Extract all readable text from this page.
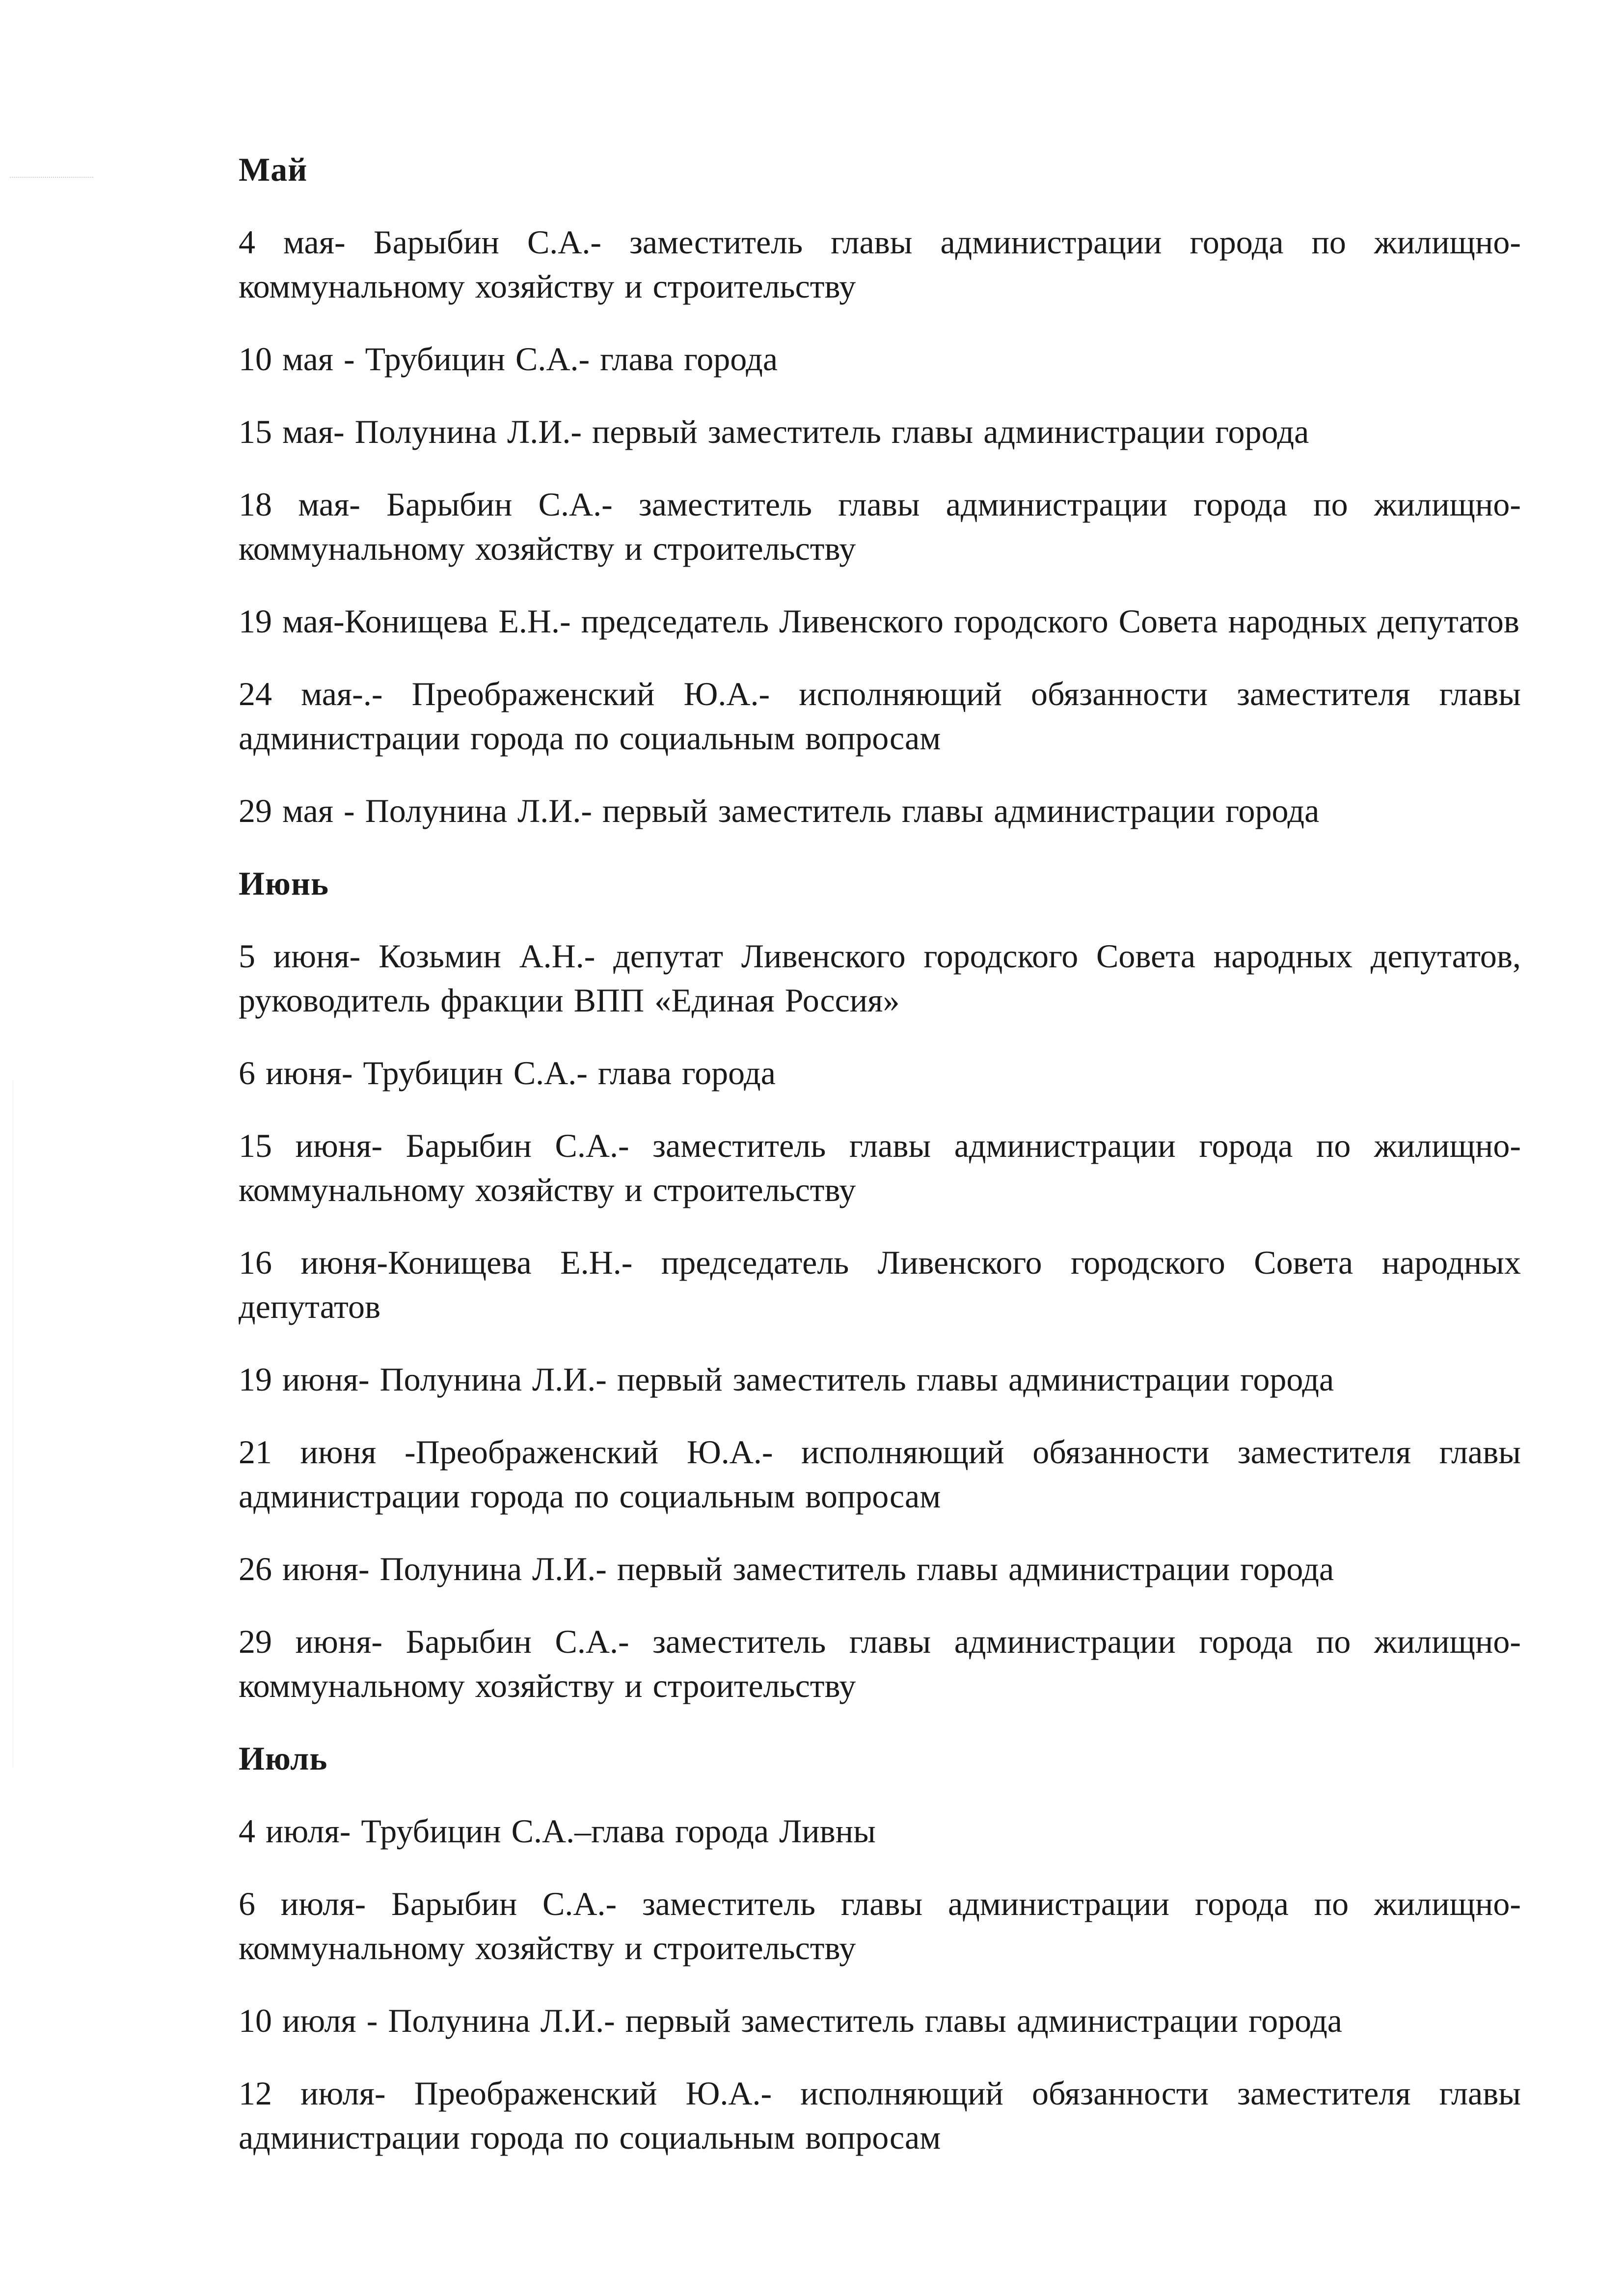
Май

4 мая- Барыбин С.А.- заместитель главы администрации города по жилищно-коммунальному хозяйству и строительству

10 мая - Трубицин С.А.- глава города

15 мая- Полунина Л.И.- первый заместитель главы администрации города

18 мая- Барыбин С.А.- заместитель главы администрации города по жилищно-коммунальному хозяйству и строительству

19 мая-Конищева Е.Н.- председатель Ливенского городского Совета народных депутатов

24 мая-.- Преображенский Ю.А.- исполняющий обязанности заместителя главы администрации города по социальным вопросам

29 мая - Полунина Л.И.- первый заместитель главы администрации города

Июнь

5 июня- Козьмин А.Н.- депутат Ливенского городского Совета народных депутатов, руководитель фракции ВПП «Единая Россия»

6 июня- Трубицин С.А.- глава города

15 июня- Барыбин С.А.- заместитель главы администрации города по жилищно-коммунальному хозяйству и строительству

16 июня-Конищева Е.Н.- председатель Ливенского городского Совета народных депутатов

19 июня- Полунина Л.И.- первый заместитель главы администрации города

21 июня -Преображенский Ю.А.- исполняющий обязанности заместителя главы администрации города по социальным вопросам

26 июня- Полунина Л.И.- первый заместитель главы администрации города

29 июня- Барыбин С.А.- заместитель главы администрации города по жилищно-коммунальному хозяйству и строительству

Июль

4 июля- Трубицин С.А.–глава города Ливны

6 июля- Барыбин С.А.- заместитель главы администрации города по жилищно-коммунальному хозяйству и строительству

10 июля - Полунина Л.И.- первый заместитель главы администрации города

12 июля- Преображенский Ю.А.- исполняющий обязанности заместителя главы администрации города по социальным вопросам
